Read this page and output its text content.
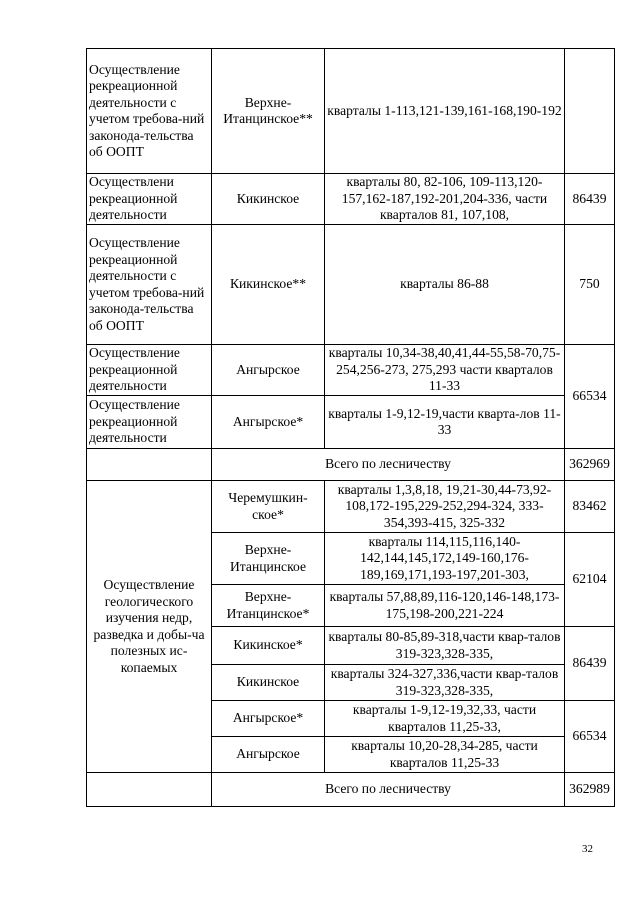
Осуществление рекреационной деятельности с учетом требова-ний законода-тельства об ООПТ	Верхне-Итанцинское**	кварталы 1-113,121-139,161-168,190-192	
Осуществлени рекреационной деятельности	Кикинское	кварталы 80, 82-106, 109-113,120-157,162-187,192-201,204-336, части кварталов 81, 107,108,	86439
Осуществление рекреационной деятельности с учетом требова-ний законода-тельства об ООПТ	Кикинское**	кварталы 86-88	750
Осуществление рекреационной деятельности	Ангырское	кварталы 10,34-38,40,41,44-55,58-70,75-254,256-273, 275,293 части кварталов 11-33	66534
Осуществление рекреационной деятельности	Ангырское*	кварталы 1-9,12-19,части кварта-лов 11-33	
	Всего по лесничеству		362969
Осуществление геологического изучения недр, разведка и добы-ча полезных ис-копаемых	Черемушкин-ское*	кварталы 1,3,8,18, 19,21-30,44-73,92-108,172-195,229-252,294-324, 333-354,393-415, 325-332	83462
	Верхне-Итанцинское	кварталы 114,115,116,140-142,144,145,172,149-160,176-189,169,171,193-197,201-303,	62104
	Верхне-Итанцинское*	кварталы 57,88,89,116-120,146-148,173-175,198-200,221-224	
	Кикинское*	кварталы 80-85,89-318,части квар-талов 319-323,328-335,	86439
	Кикинское	кварталы 324-327,336,части квар-талов 319-323,328-335,	
	Ангырское*	кварталы 1-9,12-19,32,33, части кварталов 11,25-33,	66534
	Ангырское	кварталы 10,20-28,34-285, части кварталов 11,25-33	
	Всего по лесничеству		362989
32
